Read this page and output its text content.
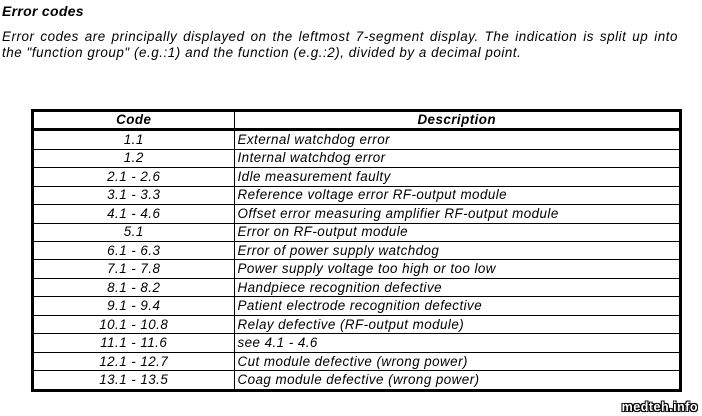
Error codes

Error codes are principally displayed on the leftmost 7-segment display. The indication is split up into the "function group" (e.g.:1) and the function (e.g.:2), divided by a decimal point.

Code	Description
1.1	External watchdog error
1.2	Internal watchdog error
2.1 - 2.6	Idle measurement faulty
3.1 - 3.3	Reference voltage error RF-output module
4.1 - 4.6	Offset error measuring amplifier RF-output module
5.1	Error on RF-output module
6.1 - 6.3	Error of power supply watchdog
7.1 - 7.8	Power supply voltage too high or too low
8.1 - 8.2	Handpiece recognition defective
9.1 - 9.4	Patient electrode recognition defective
10.1 - 10.8	Relay defective (RF-output module)
11.1 - 11.6	see 4.1 - 4.6
12.1 - 12.7	Cut module defective (wrong power)
13.1 - 13.5	Coag module defective (wrong power)
medteh.info
